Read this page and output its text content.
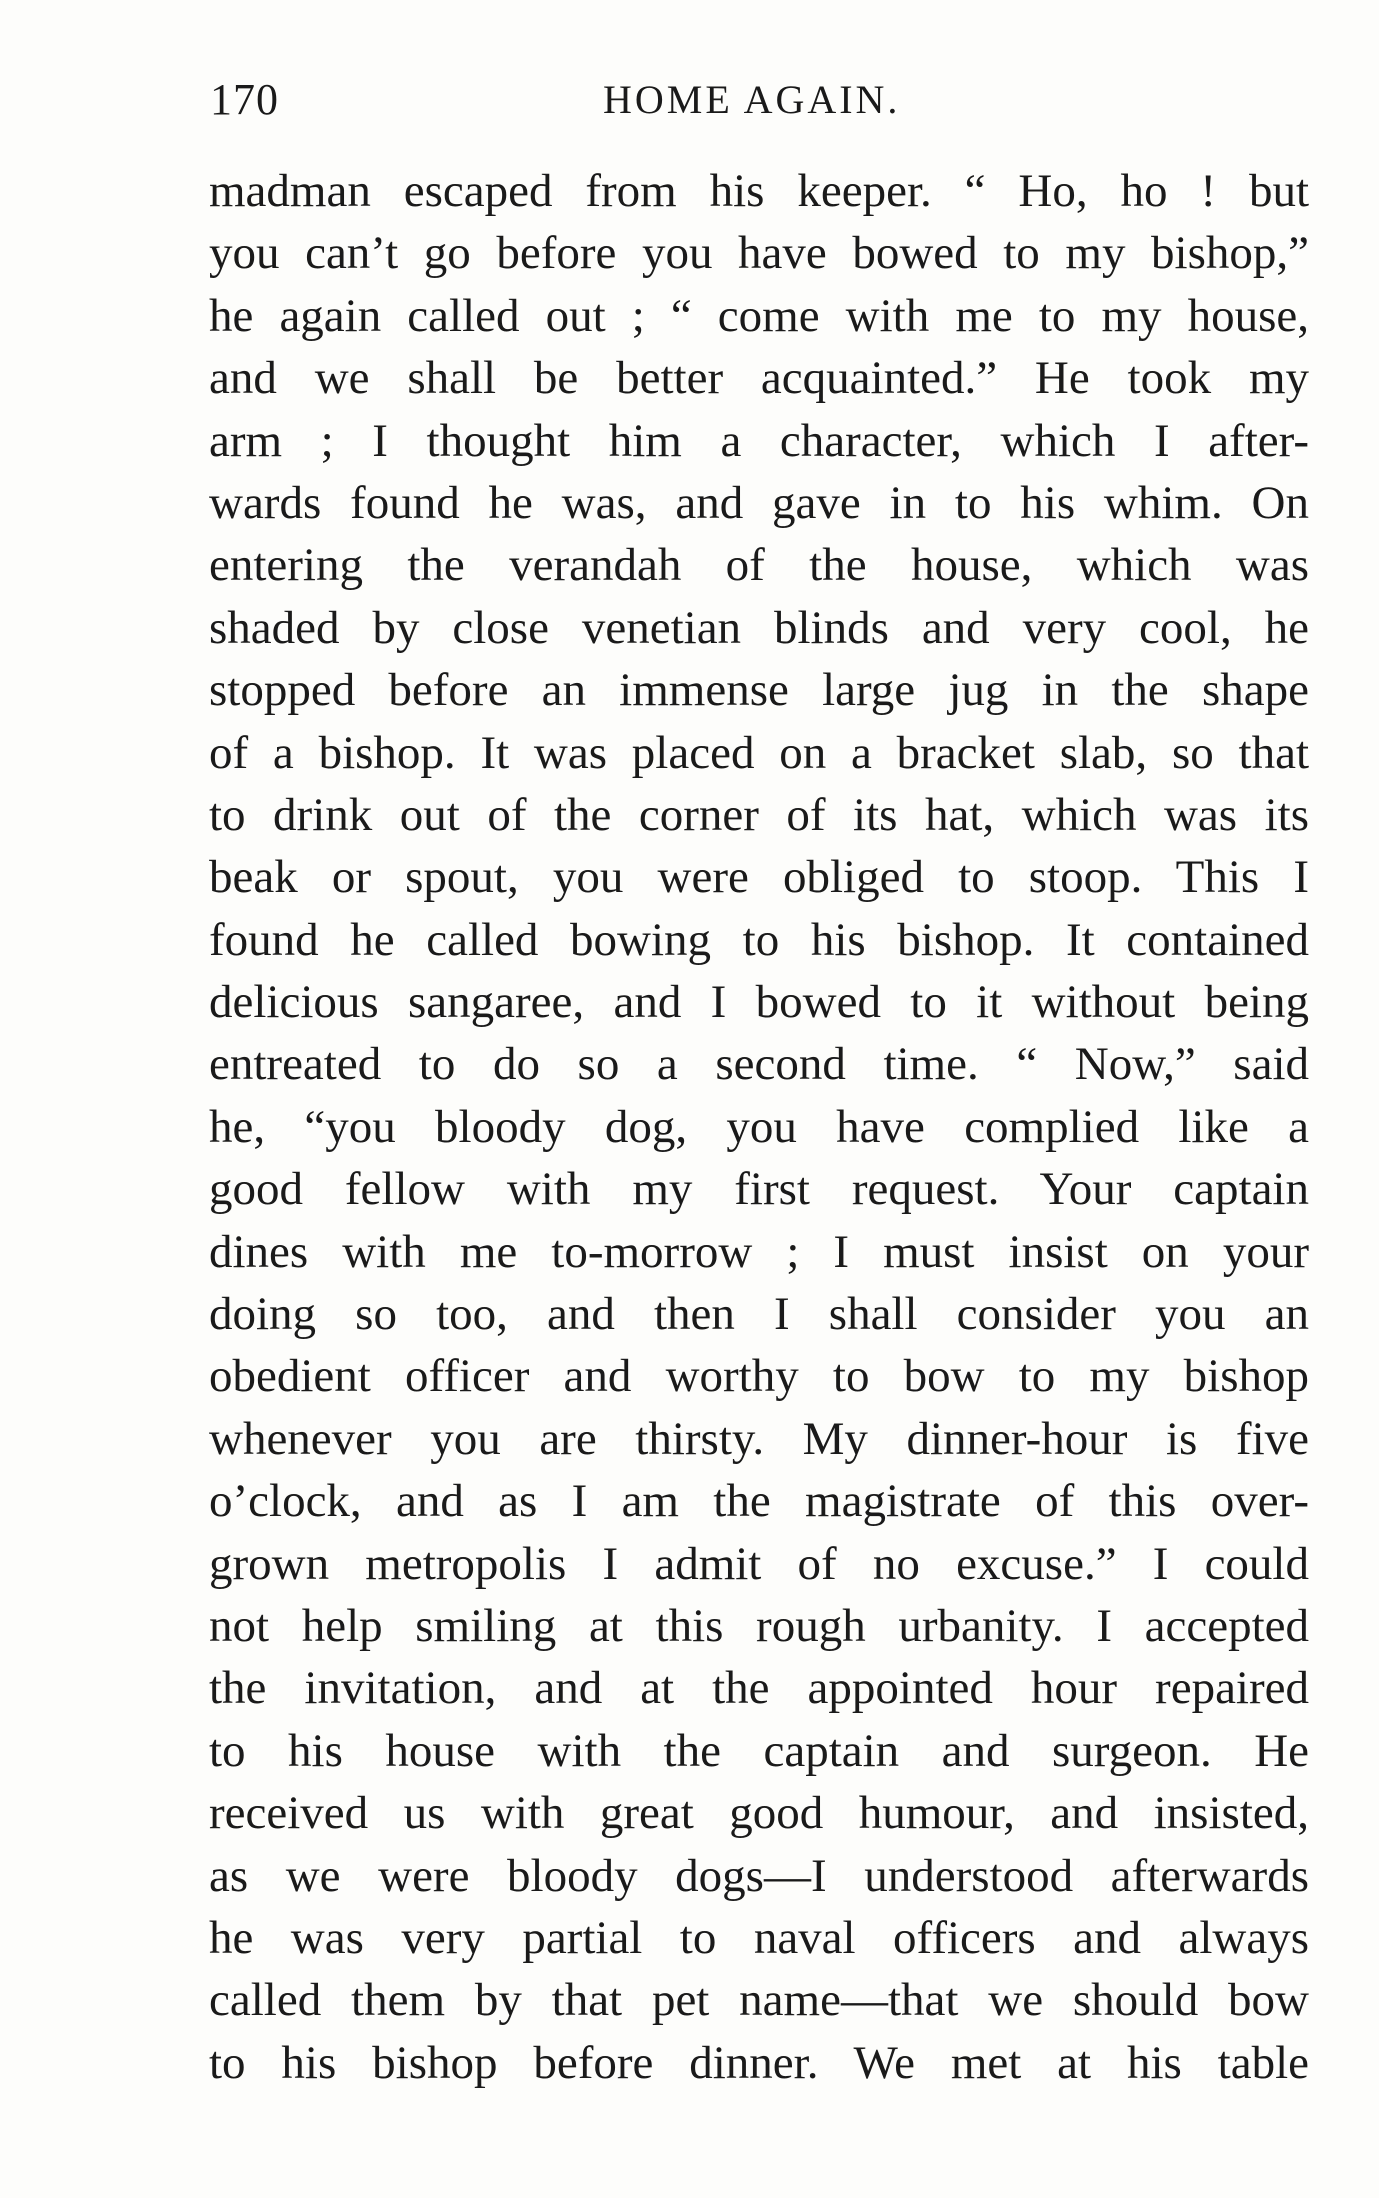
170	HOME AGAIN.
madman escaped from his keeper. “ Ho, ho ! but
you can’t go before you have bowed to my bishop,”
he again called out ; “ come with me to my house,
and we shall be better acquainted.” He took my
arm ; I thought him a character, which I after-
wards found he was, and gave in to his whim. On
entering the verandah of the house, which was
shaded by close venetian blinds and very cool, he
stopped before an immense large jug in the shape
of a bishop. It was placed on a bracket slab, so that
to drink out of the corner of its hat, which was its
beak or spout, you were obliged to stoop. This I
found he called bowing to his bishop. It contained
delicious sangaree, and I bowed to it without being
entreated to do so a second time. “ Now,” said
he, “you bloody dog, you have complied like a
good fellow with my first request. Your captain
dines with me to-morrow ; I must insist on your
doing so too, and then I shall consider you an
obedient officer and worthy to bow to my bishop
whenever you are thirsty. My dinner-hour is five
o’clock, and as I am the magistrate of this over-
grown metropolis I admit of no excuse.” I could
not help smiling at this rough urbanity. I accepted
the invitation, and at the appointed hour repaired
to his house with the captain and surgeon. He
received us with great good humour, and insisted,
as we were bloody dogs—I understood afterwards
he was very partial to naval officers and always
called them by that pet name—that we should bow
to his bishop before dinner. We met at his table
